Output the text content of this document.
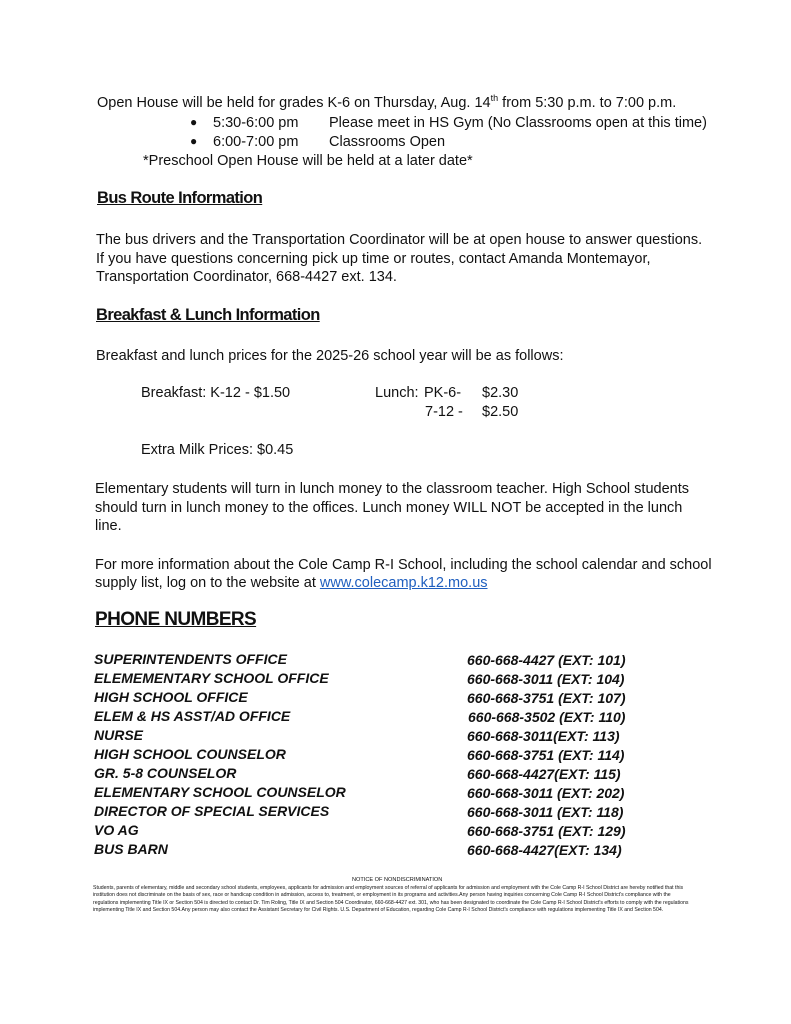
Open House will be held for grades K-6 on Thursday, Aug. 14th from 5:30 p.m. to 7:00 p.m.
● 5:30-6:00 pm Please meet in HS Gym (No Classrooms open at this time)
● 6:00-7:00 pm Classrooms Open
*Preschool Open House will be held at a later date*
Bus Route Information
The bus drivers and the Transportation Coordinator will be at open house to answer questions.
If you have questions concerning pick up time or routes, contact Amanda Montemayor,
Transportation Coordinator, 668-4427 ext. 134.
Breakfast & Lunch Information
Breakfast and lunch prices for the 2025-26 school year will be as follows:
Breakfast: K-12 - $1.50	Lunch: PK-6- $2.30
7-12 - $2.50
Extra Milk Prices: $0.45
Elementary students will turn in lunch money to the classroom teacher. High School students
should turn in lunch money to the offices. Lunch money WILL NOT be accepted in the lunch
line.
For more information about the Cole Camp R-I School, including the school calendar and school
supply list, log on to the website at www.colecamp.k12.mo.us
PHONE NUMBERS
SUPERINTENDENTS OFFICE	660-668-4427 (EXT: 101)
ELEMEMENTARY SCHOOL OFFICE	660-668-3011 (EXT: 104)
HIGH SCHOOL OFFICE	660-668-3751 (EXT: 107)
ELEM & HS ASST/AD OFFICE	660-668-3502 (EXT: 110)
NURSE	660-668-3011(EXT: 113)
HIGH SCHOOL COUNSELOR	660-668-3751 (EXT: 114)
GR. 5-8 COUNSELOR	660-668-4427(EXT: 115)
ELEMENTARY SCHOOL COUNSELOR	660-668-3011 (EXT: 202)
DIRECTOR OF SPECIAL SERVICES	660-668-3011 (EXT: 118)
VO AG	660-668-3751 (EXT: 129)
BUS BARN	660-668-4427(EXT: 134)
NOTICE OF NONDISCRIMINATION
Students, parents of elementary, middle and secondary school students, employees, applicants for admission and employment sources of referral of applicants for admission and employment with the Cole Camp R-I School District are hereby notified that this institution does not discriminate on the basis of sex, race or handicap condition in admission, access to, treatment, or employment in its programs and activities.Any person having inquiries concerning Cole Camp R-I School District's compliance with the regulations implementing Title IX or Section 504 is directed to contact Dr. Tim Roling, Title IX and Section 504 Coordinator, 660-668-4427 ext. 301, who has been designated to coordinate the Cole Camp R-I School District's efforts to comply with the regulations implementing Title IX and Section 504.Any person may also contact the Assistant Secretary for Civil Rights. U.S. Department of Education, regarding Cole Camp R-I School District's compliance with regulations implementing Title IX and Section 504.
